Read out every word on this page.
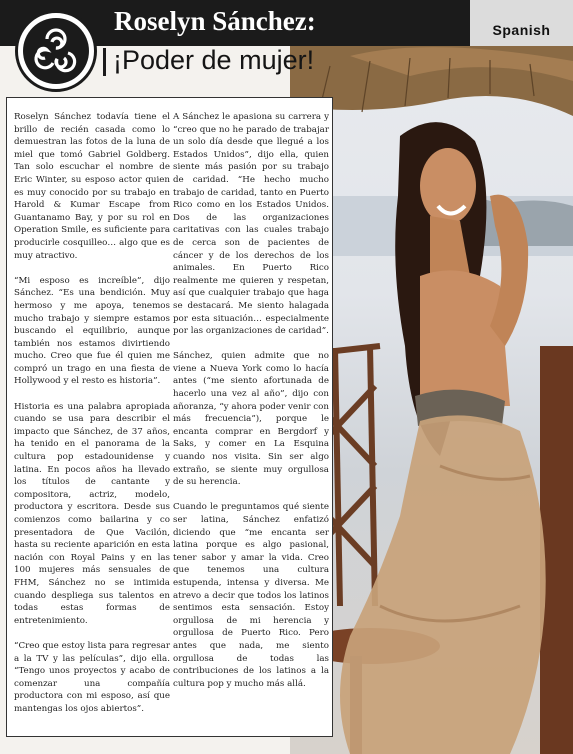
Spanish
Roselyn Sánchez:
¡Poder de mujer!

Roselyn Sánchez todavía tiene el brillo de recién casada como lo demuestran las fotos de la luna de miel que tomó Gabriel Goldberg. Tan solo escuchar el nombre de Eric Winter, su esposo actor quien es muy conocido por su trabajo en Harold & Kumar Escape from Guantanamo Bay, y por su rol en Operation Smile, es suficiente para producirle cosquilleo… algo que es muy atractivo.

“Mi esposo es increíble”, dijo Sánchez. “Es una bendición. Muy hermoso y me apoya, tenemos mucho trabajo y siempre estamos buscando el equilibrio, aunque también nos estamos divirtiendo mucho. Creo que fue él quien me compró un trago en una fiesta de Hollywood y el resto es historia”.

Historia es una palabra apropiada cuando se usa para describir el impacto que Sánchez, de 37 años, ha tenido en el panorama de la cultura pop estadounidense y latina. En pocos años ha llevado los títulos de cantante y compositora, actriz, modelo, productora y escritora. Desde sus comienzos como bailarina y co presentadora de Que Vacilón, hasta su reciente aparición en esta nación con Royal Pains y en las 100 mujeres más sensuales de FHM, Sánchez no se intimida cuando despliega sus talentos en todas estas formas de entretenimiento.

“Creo que estoy lista para regresar a la TV y las películas”, dijo ella. “Tengo unos proyectos y acabo de comenzar una compañía productora con mi esposo, así que mantengas los ojos abiertos”.

A Sánchez le apasiona su carrera y “creo que no he parado de trabajar un solo día desde que llegué a los Estados Unidos”, dijo ella, quien siente más pasión por su trabajo de caridad. “He hecho mucho trabajo de caridad, tanto en Puerto Rico como en los Estados Unidos. Dos de las organizaciones caritativas con las cuales trabajo de cerca son de pacientes de cáncer y de los derechos de los animales. En Puerto Rico realmente me quieren y respetan, así que cualquier trabajo que haga se destacará. Me siento halagada por esta situación… especialmente por las organizaciones de caridad”.

Sánchez, quien admite que no viene a Nueva York como lo hacía antes (“me siento afortunada de hacerlo una vez al año”, dijo con añoranza, “y ahora poder venir con más frecuencia”), porque le encanta comprar en Bergdorf y Saks, y comer en La Esquina cuando nos visita. Sin ser algo extraño, se siente muy orgullosa de su herencia.

Cuando le preguntamos qué siente ser latina, Sánchez enfatizó diciendo que “me encanta ser latina porque es algo pasional, tener sabor y amar la vida. Creo que tenemos una cultura estupenda, intensa y diversa. Me atrevo a decir que todos los latinos sentimos esta sensación. Estoy orgullosa de mi herencia y orgullosa de Puerto Rico. Pero antes que nada, me siento orgullosa de todas las contribuciones de los latinos a la cultura pop y mucho más allá.
